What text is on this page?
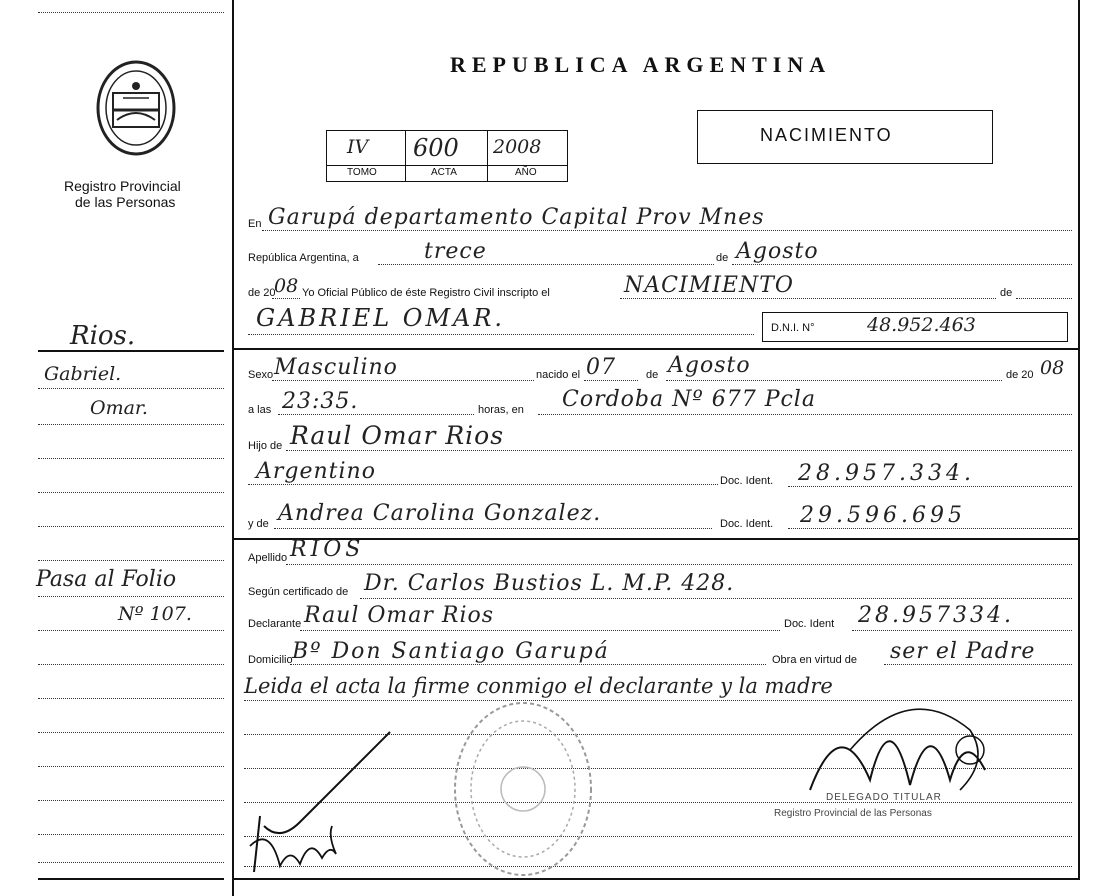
Registro Provincial
de las Personas
Rios.
Gabriel.
Omar.
Pasa al Folio
Nº 107.
REPUBLICA ARGENTINA
IV 600 2008
TOMO	ACTA	AÑO
NACIMIENTO
En Garupá departamento Capital Prov Mnes
República Argentina, a	trece	de Agosto
de 20
08 Yo Oficial Público de éste Registro Civil inscripto el	NACIMIENTO	de
GABRIEL OMAR.	D.N.I. N°	48.952.463
Sexo Masculino	nacido el 07	de Agosto	de 20 08
a las 23:35.	horas, en Cordoba Nº 677 Pcla
Hijo de Raul Omar Rios
Argentino	Doc. Ident. 28.957.334.
y de Andrea Carolina Gonzalez.	Doc. Ident. 29.596.695
Apellido RIOS
Según certificado de Dr. Carlos Bustios L. M.P. 428.
Declarante Raul Omar Rios	Doc. Ident 28.957334.
Domicilio Bº Don Santiago Garupá	Obra en virtud de ser el Padre
Leida el acta la firme conmigo el declarante y la madre
DELEGADO TITULAR
Registro Provincial de las Personas
